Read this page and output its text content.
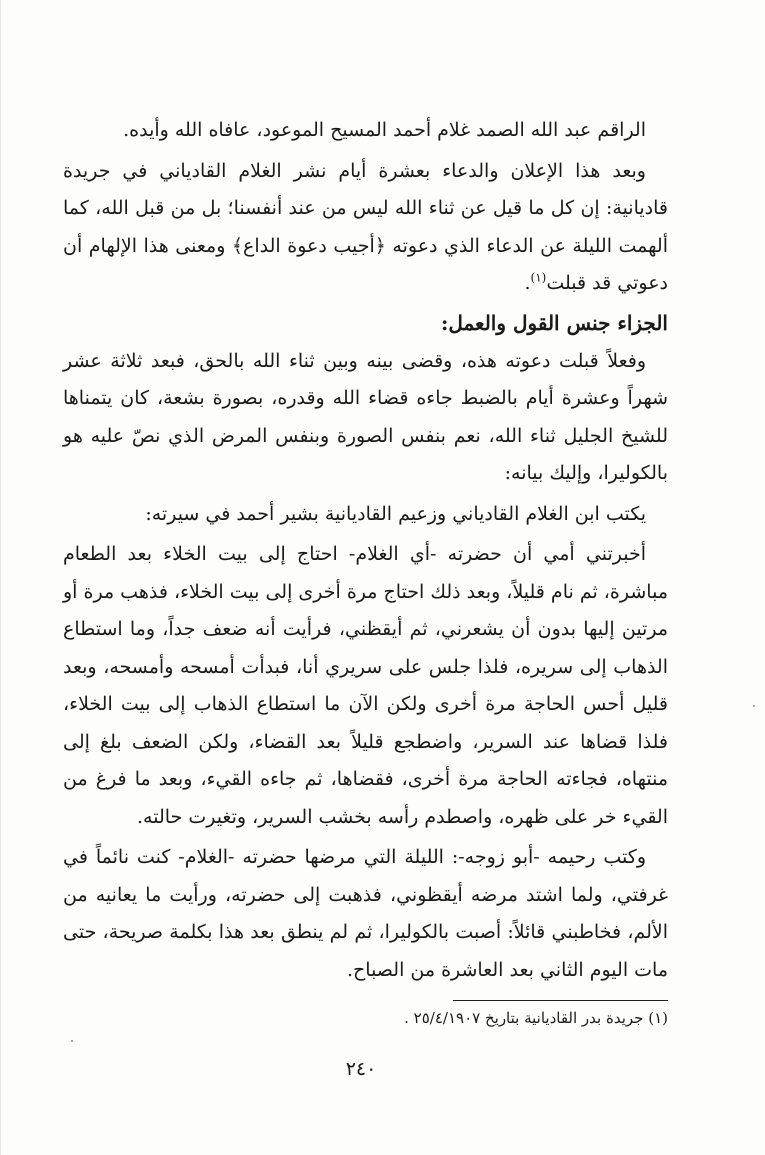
الراقم عبد الله الصمد غلام أحمد المسيح الموعود، عافاه الله وأيده.

وبعد هذا الإعلان والدعاء بعشرة أيام نشر الغلام القادياني في جريدة قاديانية: إن كل ما قيل عن ثناء الله ليس من عند أنفسنا؛ بل من قبل الله، كما ألهمت الليلة عن الدعاء الذي دعوته ﴿أجيب دعوة الداع﴾ ومعنى هذا الإلهام أن دعوتي قد قبلت$^{(١)}$.

الجزاء جنس القول والعمل:

وفعلاً قبلت دعوته هذه، وقضى بينه وبين ثناء الله بالحق، فبعد ثلاثة عشر شهراً وعشرة أيام بالضبط جاءه قضاء الله وقدره، بصورة بشعة، كان يتمناها للشيخ الجليل ثناء الله، نعم بنفس الصورة وبنفس المرض الذي نصّ عليه هو بالكوليرا، وإليك بيانه:

يكتب ابن الغلام القادياني وزعيم القاديانية بشير أحمد في سيرته:

أخبرتني أمي أن حضرته -أي الغلام- احتاج إلى بيت الخلاء بعد الطعام مباشرة، ثم نام قليلاً، وبعد ذلك احتاج مرة أخرى إلى بيت الخلاء، فذهب مرة أو مرتين إليها بدون أن يشعرني، ثم أيقظني، فرأيت أنه ضعف جداً، وما استطاع الذهاب إلى سريره، فلذا جلس على سريري أنا، فبدأت أمسحه وأمسحه، وبعد قليل أحس الحاجة مرة أخرى ولكن الآن ما استطاع الذهاب إلى بيت الخلاء، فلذا قضاها عند السرير، واضطجع قليلاً بعد القضاء، ولكن الضعف بلغ إلى منتهاه، فجاءته الحاجة مرة أخرى، فقضاها، ثم جاءه القيء، وبعد ما فرغ من القيء خر على ظهره، واصطدم رأسه بخشب السرير، وتغيرت حالته.

وكتب رحيمه -أبو زوجه-: الليلة التي مرضها حضرته -الغلام- كنت نائماً في غرفتي، ولما اشتد مرضه أيقظوني، فذهبت إلى حضرته، ورأيت ما يعانيه من الألم، فخاطبني قائلاً: أصبت بالكوليرا، ثم لم ينطق بعد هذا بكلمة صريحة، حتى مات اليوم الثاني بعد العاشرة من الصباح.

(١) جريدة بدر القاديانية بتاريخ ٢٥/٤/١٩٠٧ .
٢٤٠
